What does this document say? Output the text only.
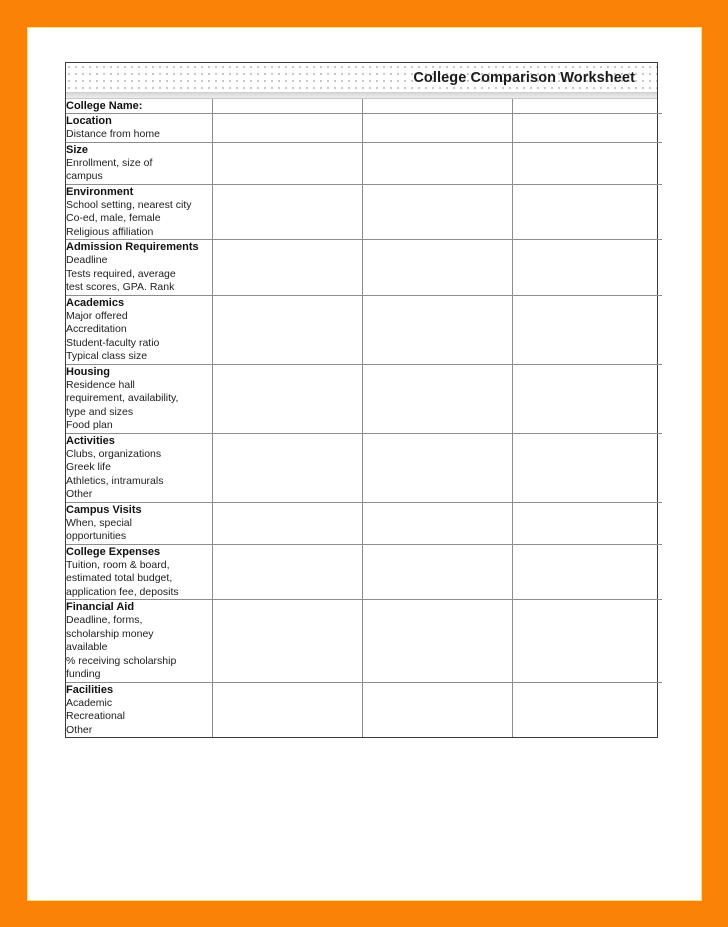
College Comparison Worksheet
College Name:			

Location
Distance from home			

Size
Enrollment, size of
campus			

Environment
School setting, nearest city
Co-ed, male, female
Religious affiliation			

Admission Requirements
Deadline
Tests required, average
test scores, GPA. Rank			

Academics
Major offered
Accreditation
Student-faculty ratio
Typical class size			

Housing
Residence hall
requirement, availability,
type and sizes
Food plan			

Activities
Clubs, organizations
Greek life
Athletics, intramurals
Other			

Campus Visits
When, special
opportunities			

College Expenses
Tuition, room & board,
estimated total budget,
application fee, deposits			

Financial Aid
Deadline, forms,
scholarship money
available
% receiving scholarship
funding

Facilities
Academic
Recreational
Other			
